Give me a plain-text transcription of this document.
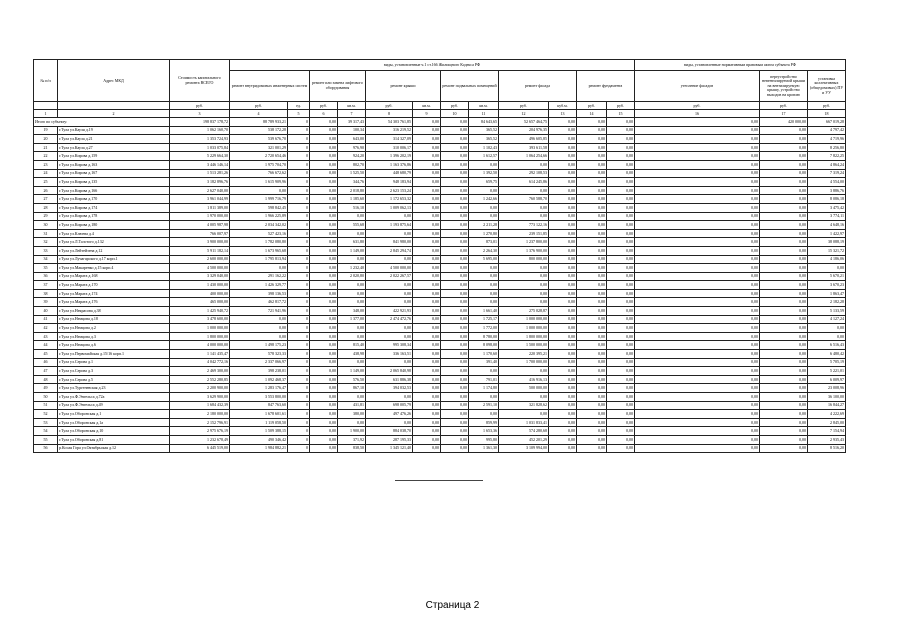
№ п/п	Адрес МКД	Стоимость капитального ремонта ВСЕГО	виды, установленные ч.1 ст.166 Жилищного Кодекса РФ												виды, установленные нормативным правовым актом субъекта РФ			
			ремонт внутридомовых инженерных систем		ремонт или замена лифтового оборудования		ремонт крыши		ремонт подвальных помещений		ремонт фасада		ремонт фундамента		утепление фасадов	переустройство невентилируемой крыши на вентилируемую крышу, устройство выходов на кровлю	установка коллективных (общедомовых) ПУ и УУ	
		руб.	руб.	ед.	руб.	кв.м.	руб.	кв.м.	руб.	кв.м.	руб.	куб.м.	руб.	руб.	руб.	руб.	руб.	
1	2	3	4	5	6	7	8	9	10	11	12	13	14	15	16	17	18	
Итого по субъекту:		198 837 178,72	88 789 933,21	0	0,00	39 317,43	54 303 761,85	0,00	0,00	84 643,65	52 657 464,75	0,00	0,00	0,00	0,00	420 000,00	667 019,28	
19	г.Тула ул.Кауля д.19	1 062 160,70	538 172,28	0	0,00	100,34	316 219,52	0,00	0,00	365,52	204 976,35	0,00	0,00	0,00	0,00	0,00	4 797,42	
20	г.Тула ул.Каула д.21	1 353 724,93	539 676,70	0	0,00	643,00	314 327,09	0,00	0,00	365,52	496 605,85	0,00	0,00	0,00	0,00	0,00	4 719,96	
21	г.Тула ул.Каула д.27	1 033 075,84	321 001,29	0	0,00	976,90	310 006,17	0,00	0,00	1 102,43	393 611,58	0,00	0,00	0,00	0,00	0,00	8 256,80	
22	г.Тула ул.Кирова д.159	5 229 664,30	2 720 654,46	0	0,00	924,20	1 396 202,19	0,00	0,00	1 612,57	1 064 254,66	0,00	0,00	0,00	0,00	0,00	7 822,25	
23	г.Тула ул.Кирова д.163	3 446 146,14	1 975 704,70	0	0,00	802,70	1 163 376,86	0,00	0,00	0,00	0,00	0,00	0,00	0,00	0,00	0,00	4 864,24	
24	г.Тула ул.Кирова д.167	1 513 281,26	766 672,62	0	0,00	1 525,50	448 680,79	0,00	0,00	1 392,50	292 108,53	0,00	0,00	0,00	0,00	0,00	7 319,24	
25	г.Тула ул.Кирова д.135	3 182 896,76	1 615 909,96	0	0,00	344,76	948 183,94	0,00	0,00	659,75	614 245,86	0,00	0,00	0,00	0,00	0,00	4 554,00	
26	г.Тула ул.Кирова д.166	2 627 040,00	0,00	0	0,00	2 018,80	2 623 153,24	0,00	0,00	0,00	0,00	0,00	0,00	0,00	0,00	0,00	3 886,76	
27	г.Тула ул.Кирова д.170	3 961 044,99	1 999 716,79	0	0,00	1 185,60	1 172 653,32	0,00	0,00	1 242,66	760 588,70	0,00	0,00	0,00	0,00	0,00	8 086,18	
28	г.Тула ул.Кирова д.174	1 811 389,00	598 842,45	0	0,00	516,10	1 009 062,13	0,00	0,00	0,00	0,00	0,00	0,00	0,00	0,00	0,00	3 475,42	
29	г.Тула ул.Кирова д.178	1 970 000,00	1 966 225,89	0	0,00	0,00	0,00	0,00	0,00	0,00	0,00	0,00	0,00	0,00	0,00	0,00	3 774,11	
30	г.Тула ул.Кирова д.180	4 005 987,98	2 034 342,02	0	0,00	555,68	1 193 875,64	0,00	0,00	2 211,28	773 122,16	0,00	0,00	0,00	0,00	0,00	4 648,16	
31	г.Тула ул.Клюева д.4	766 007,97	527 423,16	0	0,00	0,00	0,00	0,00	0,00	1 270,80	239 151,85	0,00	0,00	0,00	0,00	0,00	1 422,97	
32	г.Тула ул.Л.Толстого д.132	3 900 000,00	1 782 080,80	0	0,00	631,80	841 980,00	0,00	0,00	873,01	1 237 800,00	0,00	0,00	0,00	0,00	0,00	38 088,19	
33	г.Тула ул.Лейтейзена д.12	5 911 182,14	1 673 965,68	0	0,00	1 149,00	2 845 294,74	0,00	0,00	2 264,30	1 376 900,00	0,00	0,00	0,00	0,00	0,00	15 321,72	
34	г.Тула ул.Лучагарского д.17 корп.1	2 600 000,00	1 795 813,94	0	0,00	0,00	0,00	0,00	0,00	5 695,00	800 000,00	0,00	0,00	0,00	0,00	0,00	4 186,06	
35	г.Тула ул.Макаренко д.15 корп.4	4 500 000,00	0,00	0	0,00	1 232,40	4 500 000,00	0,00	0,00	0,00	0,00	0,00	0,00	0,00	0,00	0,00	0,00	
36	г.Тула ул.Марата д.168	3 329 040,00	291 162,22	0	0,00	2 020,80	2 022 267,57	0,00	0,00	0,00	0,00	0,00	0,00	0,00	0,00	0,00	5 670,21	
37	г.Тула ул.Марата д.170	1 430 000,00	1 426 329,77	0	0,00	0,00	0,00	0,00	0,00	0,00	0,00	0,00	0,00	0,00	0,00	0,00	3 670,23	
38	г.Тула ул.Марата д.174	400 000,00	398 136,53	0	0,00	0,00	0,00	0,00	0,00	0,00	0,00	0,00	0,00	0,00	0,00	0,00	1 863,47	
39	г.Тула ул.Марата д.176	465 000,00	462 817,72	0	0,00	0,00	0,00	0,00	0,00	0,00	0,00	0,00	0,00	0,00	0,00	0,00	2 182,28	
40	г.Тула ул.Некрасова д.38	1 425 940,72	721 941,96	0	0,00	348,00	422 921,93	0,00	0,00	1 661,40	275 028,87	0,00	0,00	0,00	0,00	0,00	5 133,59	
41	г.Тула ул.Немцова д.18	3 478 600,00	0,00	0	0,00	1 377,00	2 474 472,76	0,00	0,00	1 725,17	1 000 000,00	0,00	0,00	0,00	0,00	0,00	4 127,24	
42	г.Тула ул.Немцова д.2	1 000 000,00	0,00	0	0,00	0,00	0,00	0,00	0,00	1 772,00	1 000 000,00	0,00	0,00	0,00	0,00	0,00	0,00	
43	г.Тула ул.Немцова д.3	1 800 000,00	0,00	0	0,00	0,00	0,00	0,00	0,00	8 780,00	1 800 000,00	0,00	0,00	0,00	0,00	0,00	0,00	
44	г.Тула ул.Немцова д.6	4 000 000,00	1 498 175,23	0	0,00	815,40	995 308,34	0,00	0,00	8 098,00	1 500 000,00	0,00	0,00	0,00	0,00	0,00	6 516,43	
45	г.Тула ул.Первомайская д.15/16 корп.1	1 141 435,47	578 323,33	0	0,00	438,98	336 163,51	0,00	0,00	1 170,60	220 395,21	0,00	0,00	0,00	0,00	0,00	6 480,42	
46	г.Тула ул.Серова д.1	4 042 772,16	2 337 066,97	0	0,00	0,00	0,00	0,00	0,00	391,40	1 700 000,00	0,00	0,00	0,00	0,00	0,00	5 705,19	
47	г.Тула ул.Серова д.3	2 469 300,00	398 238,01	0	0,00	1 149,00	2 065 840,98	0,00	0,00	0,00	0,00	0,00	0,00	0,00	0,00	0,00	5 221,01	
48	г.Тула ул.Серова д.5	2 552 280,85	1 092 468,37	0	0,00	576,50	631 886,38	0,00	0,00	791,01	416 916,13	0,00	0,00	0,00	0,00	0,00	6 009,97	
49	г.Тула ул.Тургеневская д.23	2 200 900,00	1 283 176,47	0	0,00	867,10	394 032,53	0,00	0,00	1 174,80	500 000,00	0,00	0,00	0,00	0,00	0,00	23 008,96	
50	г.Тула ул.Ф.Энгельса д.72а	3 629 900,00	3 553 800,00	0	0,00	0,00	0,00	0,00	0,00	0,00	0,00	0,00	0,00	0,00	0,00	0,00	36 100,00	
51	г.Тула ул.Ф.Энгельса д.49	1 684 432,39	847 763,60	0	0,00	431,81	698 005,79	0,00	0,00	2 591,10	321 828,62	0,00	0,00	0,00	0,00	0,00	16 844,27	
52	г.Тула ул.Оборонская д.1	2 180 000,00	1 678 601,61	0	0,00	380,00	497 476,26	0,00	0,00	0,00	0,00	0,00	0,00	0,00	0,00	0,00	4 222,69	
53	г.Тула ул.Оборонская д.1а	2 152 796,91	1 119 058,50	0	0,00	0,00	0,00	0,00	0,00	859,99	1 031 833,41	0,00	0,00	0,00	0,00	0,00	2 845,00	
54	г.Тула ул.Оборонская д.10	2 975 676,19	1 509 388,15	0	0,00	1 900,00	884 038,70	0,00	0,00	1 653,36	574 280,68	0,00	0,00	0,00	0,00	0,00	7 154,94	
55	г.Тула ул.Оборонская д.81	1 232 678,49	490 346,42	0	0,00	371,92	287 195,33	0,00	0,00	995,80	452 201,29	0,00	0,00	0,00	0,00	0,00	2 935,43	
56	р.Косая Гора ул.Октябрьская д.12	6 445 519,00	1 984 882,21	0	0,00	838,50	1 345 121,40	0,00	0,00	1 361,30	3 109 994,00	0,00	0,00	0,00	0,00	0,00	8 516,20	
Страница 2
